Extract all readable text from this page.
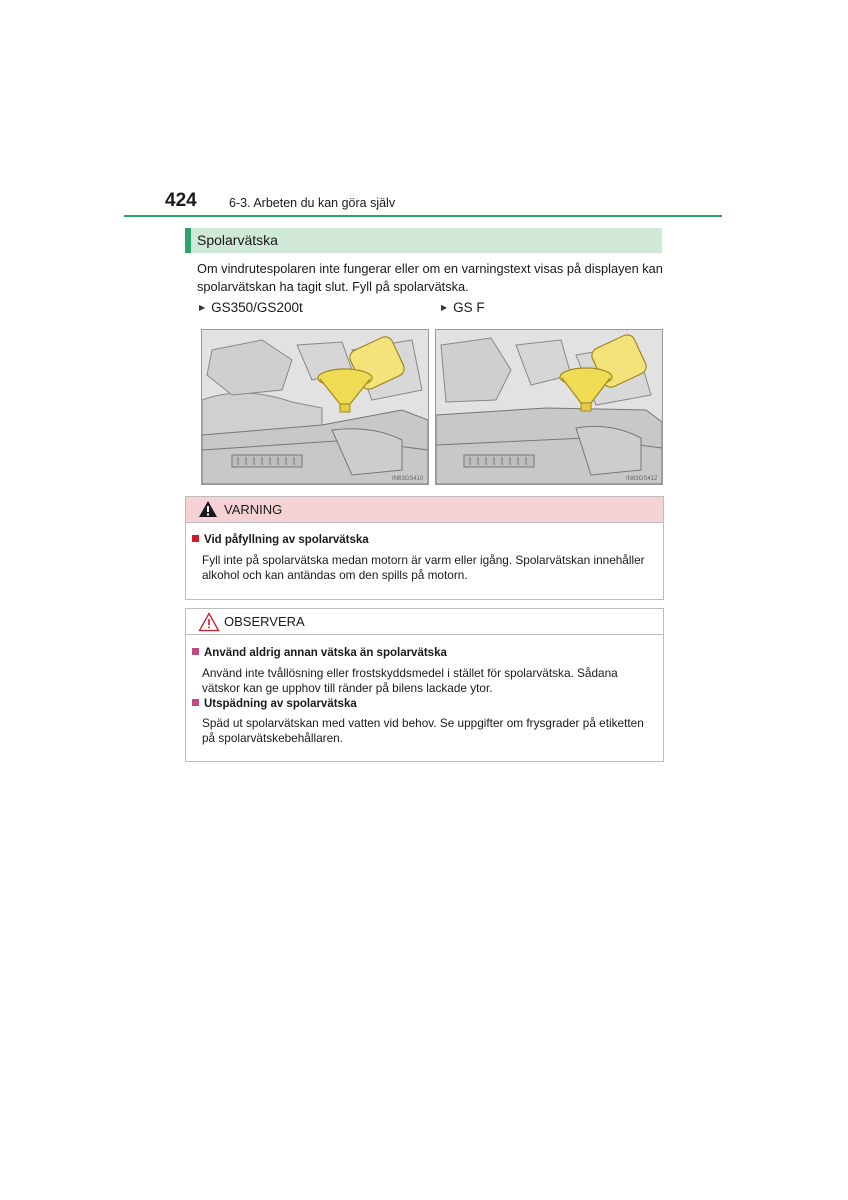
424	6-3. Arbeten du kan göra själv
Spolarvätska
Om vindrutespolaren inte fungerar eller om en varningstext visas på displayen kan spolarvätskan ha tagit slut. Fyll på spolarvätska.
▶ GS350/GS200t	▶ GS F
IN63GS410	IN63GS412
VARNING
Vid påfyllning av spolarvätska
Fyll inte på spolarvätska medan motorn är varm eller igång. Spolarvätskan innehåller alkohol och kan antändas om den spills på motorn.
OBSERVERA
Använd aldrig annan vätska än spolarvätska
Använd inte tvållösning eller frostskyddsmedel i stället för spolarvätska. Sådana vätskor kan ge upphov till ränder på bilens lackade ytor.
Utspädning av spolarvätska
Späd ut spolarvätskan med vatten vid behov. Se uppgifter om frysgrader på etiketten på spolarvätskebehållaren.
